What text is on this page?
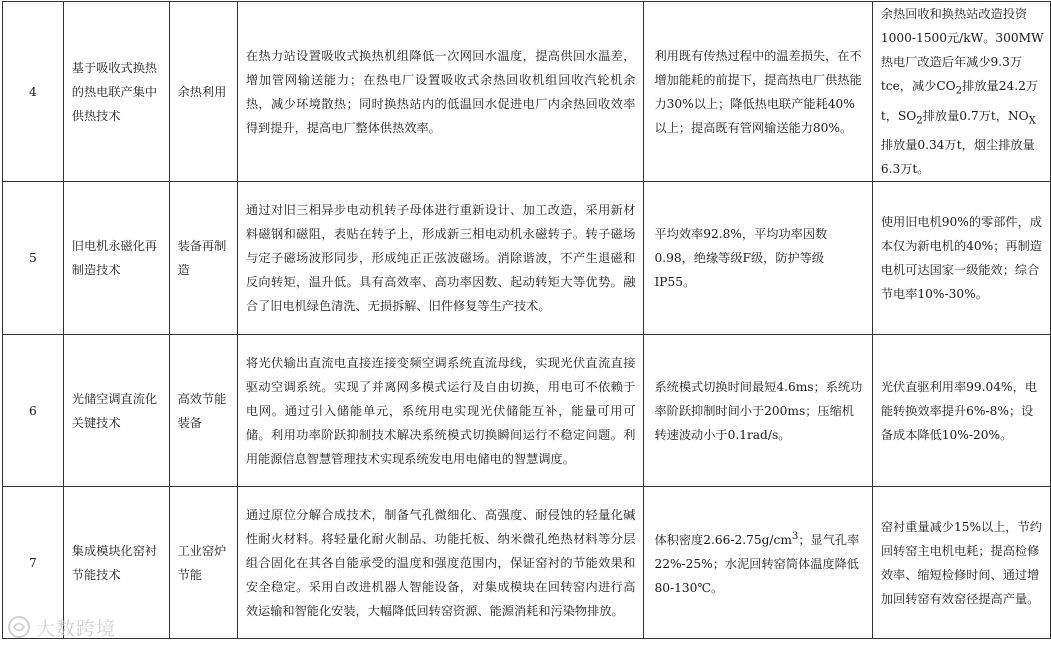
4	基于吸收式换热的热电联产集中供热技术	余热利用	在热力站设置吸收式换热机组降低一次网回水温度，提高供回水温差，增加管网输送能力；在热电厂设置吸收式余热回收机组回收汽轮机余热，减少环境散热；同时换热站内的低温回水促进电厂内余热回收效率得到提升，提高电厂整体供热效率。	利用既有传热过程中的温差损失，在不增加能耗的前提下，提高热电厂供热能力30%以上；降低热电联产能耗40%以上；提高既有管网输送能力80%。	余热回收和换热站改造投资1000-1500元/kW。300MW热电厂改造后年减少9.3万tce，减少$CO_2$排放量24.2万t，$SO_2$排放量0.7万t，$NO_X$排放量0.34万t，烟尘排放量6.3万t。
5	旧电机永磁化再制造技术	装备再制造	通过对旧三相异步电动机转子母体进行重新设计、加工改造，采用新材料磁钢和磁阻，表贴在转子上，形成新三相电动机永磁转子。转子磁场与定子磁场波形同步，形成纯正正弦波磁场。消除谐波，不产生退磁和反向转矩，温升低。具有高效率、高功率因数、起动转矩大等优势。融合了旧电机绿色清洗、无损拆解、旧件修复等生产技术。	平均效率92.8%，平均功率因数0.98，绝缘等级F级，防护等级IP55。	使用旧电机90%的零部件，成本仅为新电机的40%；再制造电机可达国家一级能效；综合节电率10%-30%。
6	光储空调直流化关键技术	高效节能装备	将光伏输出直流电直接连接变频空调系统直流母线，实现光伏直流直接驱动空调系统。实现了并离网多模式运行及自由切换，用电可不依赖于电网。通过引入储能单元，系统用电实现光伏储能互补，能量可用可储。利用功率阶跃抑制技术解决系统模式切换瞬间运行不稳定问题。利用能源信息智慧管理技术实现系统发电用电储电的智慧调度。	系统模式切换时间最短4.6ms；系统功率阶跃抑制时间小于200ms；压缩机转速波动小于0.1rad/s。	光伏直驱利用率99.04%，电能转换效率提升6%-8%；设备成本降低10%-20%。
7	集成模块化窑衬节能技术	工业窑炉节能	通过原位分解合成技术，制备气孔微细化、高强度、耐侵蚀的轻量化碱性耐火材料。将轻量化耐火制品、功能托板、纳米微孔绝热材料等分层组合固化在其各自能承受的温度和强度范围内，保证窑衬的节能效果和安全稳定。采用自改进机器人智能设备，对集成模块在回转窑内进行高效运输和智能化安装，大幅降低回转窑资源、能源消耗和污染物排放。	体积密度$2.66-2.75g/cm^3$；显气孔率22%-25%；水泥回转窑筒体温度降低80-130℃。	窑衬重量减少15%以上，节约回转窑主电机电耗；提高检修效率、缩短检修时间、通过增加回转窑有效窑径提高产量。
大数跨境
